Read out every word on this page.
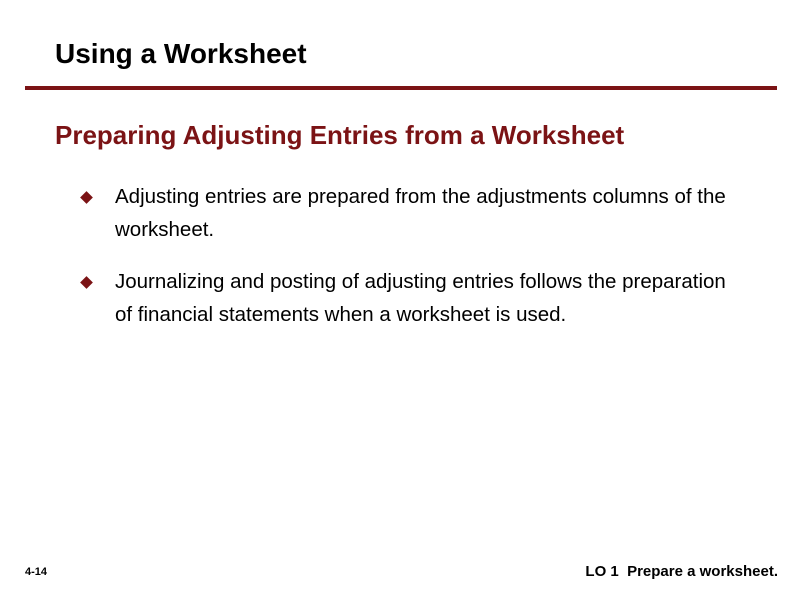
Using a Worksheet
Preparing Adjusting Entries from a Worksheet
Adjusting entries are prepared from the adjustments columns of the worksheet.
Journalizing and posting of adjusting entries follows the preparation of financial statements when a worksheet is used.
4-14	LO 1  Prepare a worksheet.
